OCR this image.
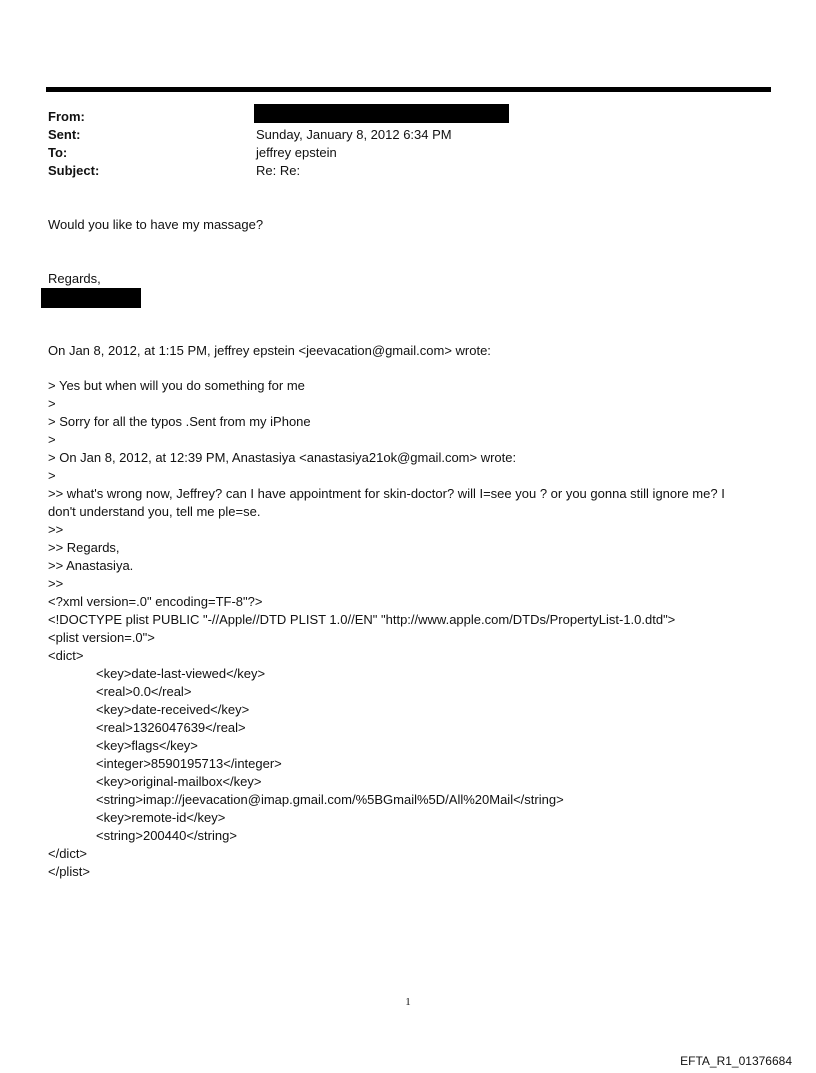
From:
Sent:	Sunday, January 8, 2012 6:34 PM
To:	jeffrey epstein
Subject:	Re: Re:
Would you like to have my massage?
Regards,
On Jan 8, 2012, at 1:15 PM, jeffrey epstein <jeevacation@gmail.com> wrote:
> Yes but when will you do something for me
>
> Sorry for all the typos .Sent from my iPhone
>
> On Jan 8, 2012, at 12:39 PM, Anastasiya <anastasiya21ok@gmail.com> wrote:
>
>> what's wrong now, Jeffrey? can I have appointment for skin-doctor? will I=see you ? or you gonna still ignore me? I
don't understand you, tell me ple=se.
>>
>> Regards,
>> Anastasiya.
>>
<?xml version=.0" encoding=TF-8"?>
<!DOCTYPE plist PUBLIC "-//Apple//DTD PLIST 1.0//EN" "http://www.apple.com/DTDs/PropertyList-1.0.dtd">
<plist version=.0">
<dict>
<key>date-last-viewed</key>
<real>0.0</real>
<key>date-received</key>
<real>1326047639</real>
<key>flags</key>
<integer>8590195713</integer>
<key>original-mailbox</key>
<string>imap://jeevacation@imap.gmail.com/%5BGmail%5D/All%20Mail</string>
<key>remote-id</key>
<string>200440</string>
</dict>
</plist>
1
EFTA_R1_01376684
